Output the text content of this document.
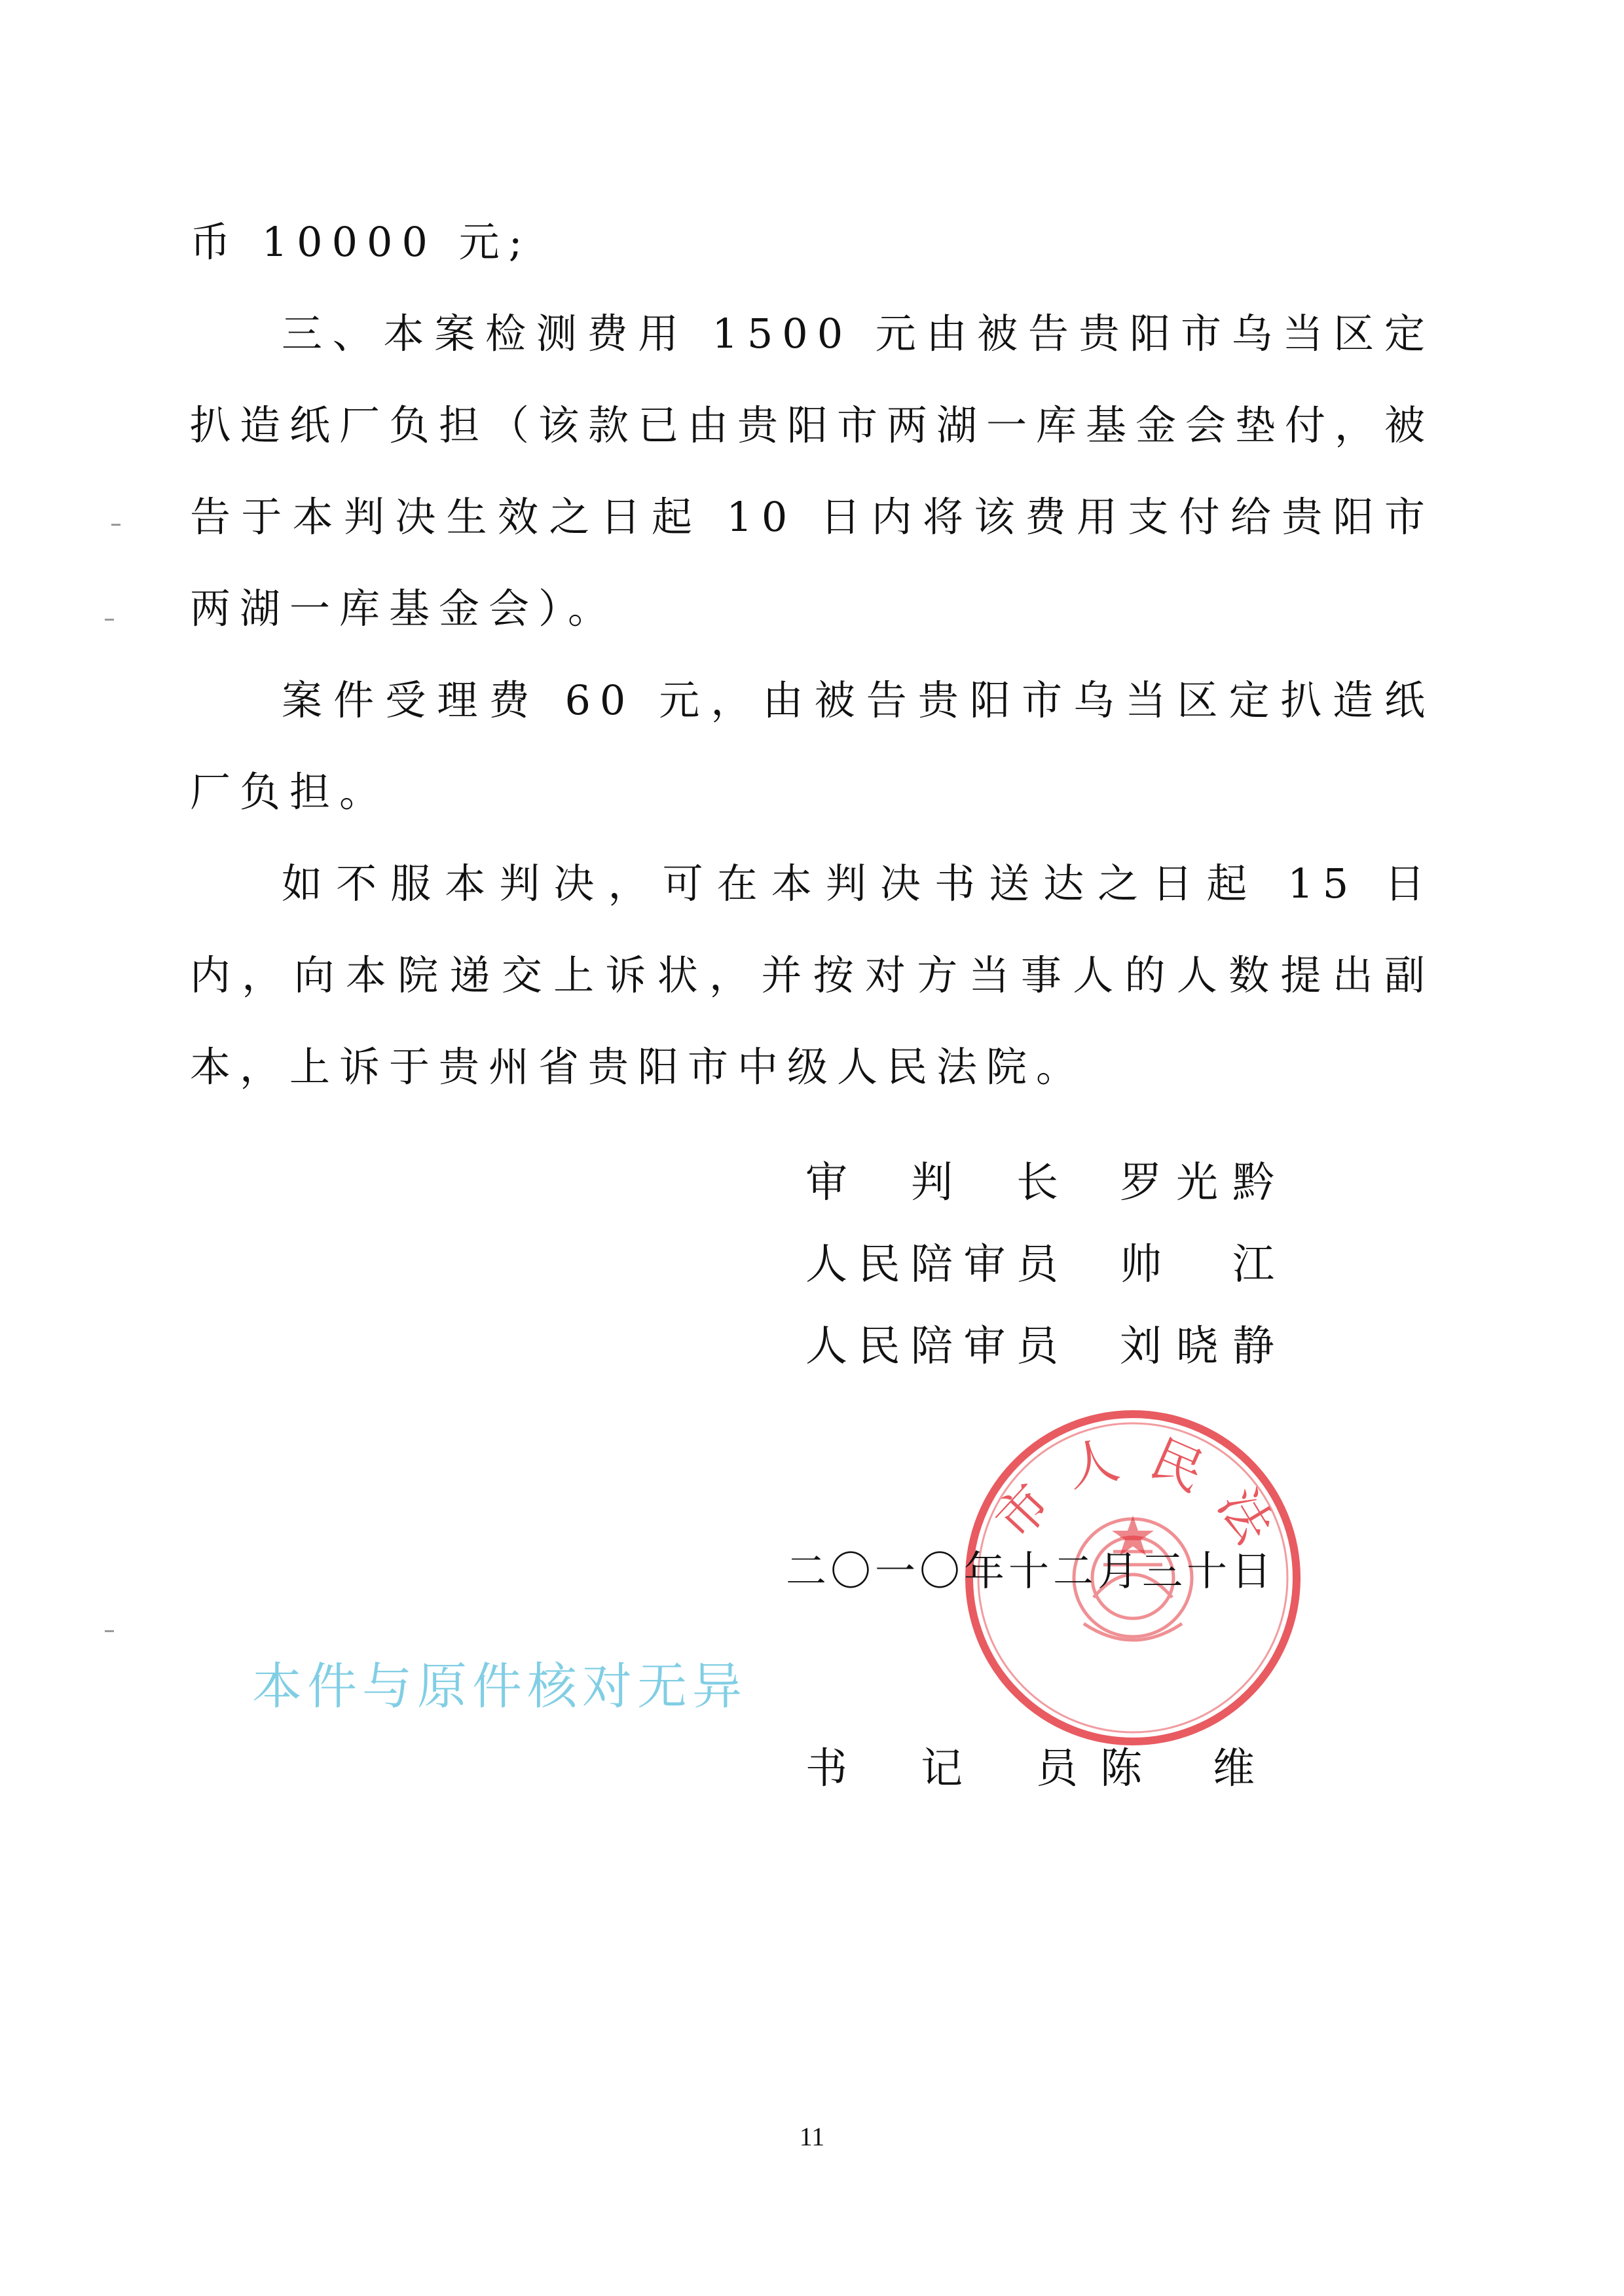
币 10000 元;

三、本案检测费用 1500 元由被告贵阳市乌当区定扒造纸厂负担（该款已由贵阳市两湖一库基金会垫付，被告于本判决生效之日起 10 日内将该费用支付给贵阳市两湖一库基金会）。

案件受理费 60 元，由被告贵阳市乌当区定扒造纸厂负担。

如不服本判决，可在本判决书送达之日起 15 日内，向本院递交上诉状，并按对方当事人的人数提出副本，上诉于贵州省贵阳市中级人民法院。

审判长 罗光黔
人民陪审员 帅江
人民陪审员 刘晓静
市人民法
二〇一〇年十二月三十日
本件与原件核对无异
书记员 陈维
11
